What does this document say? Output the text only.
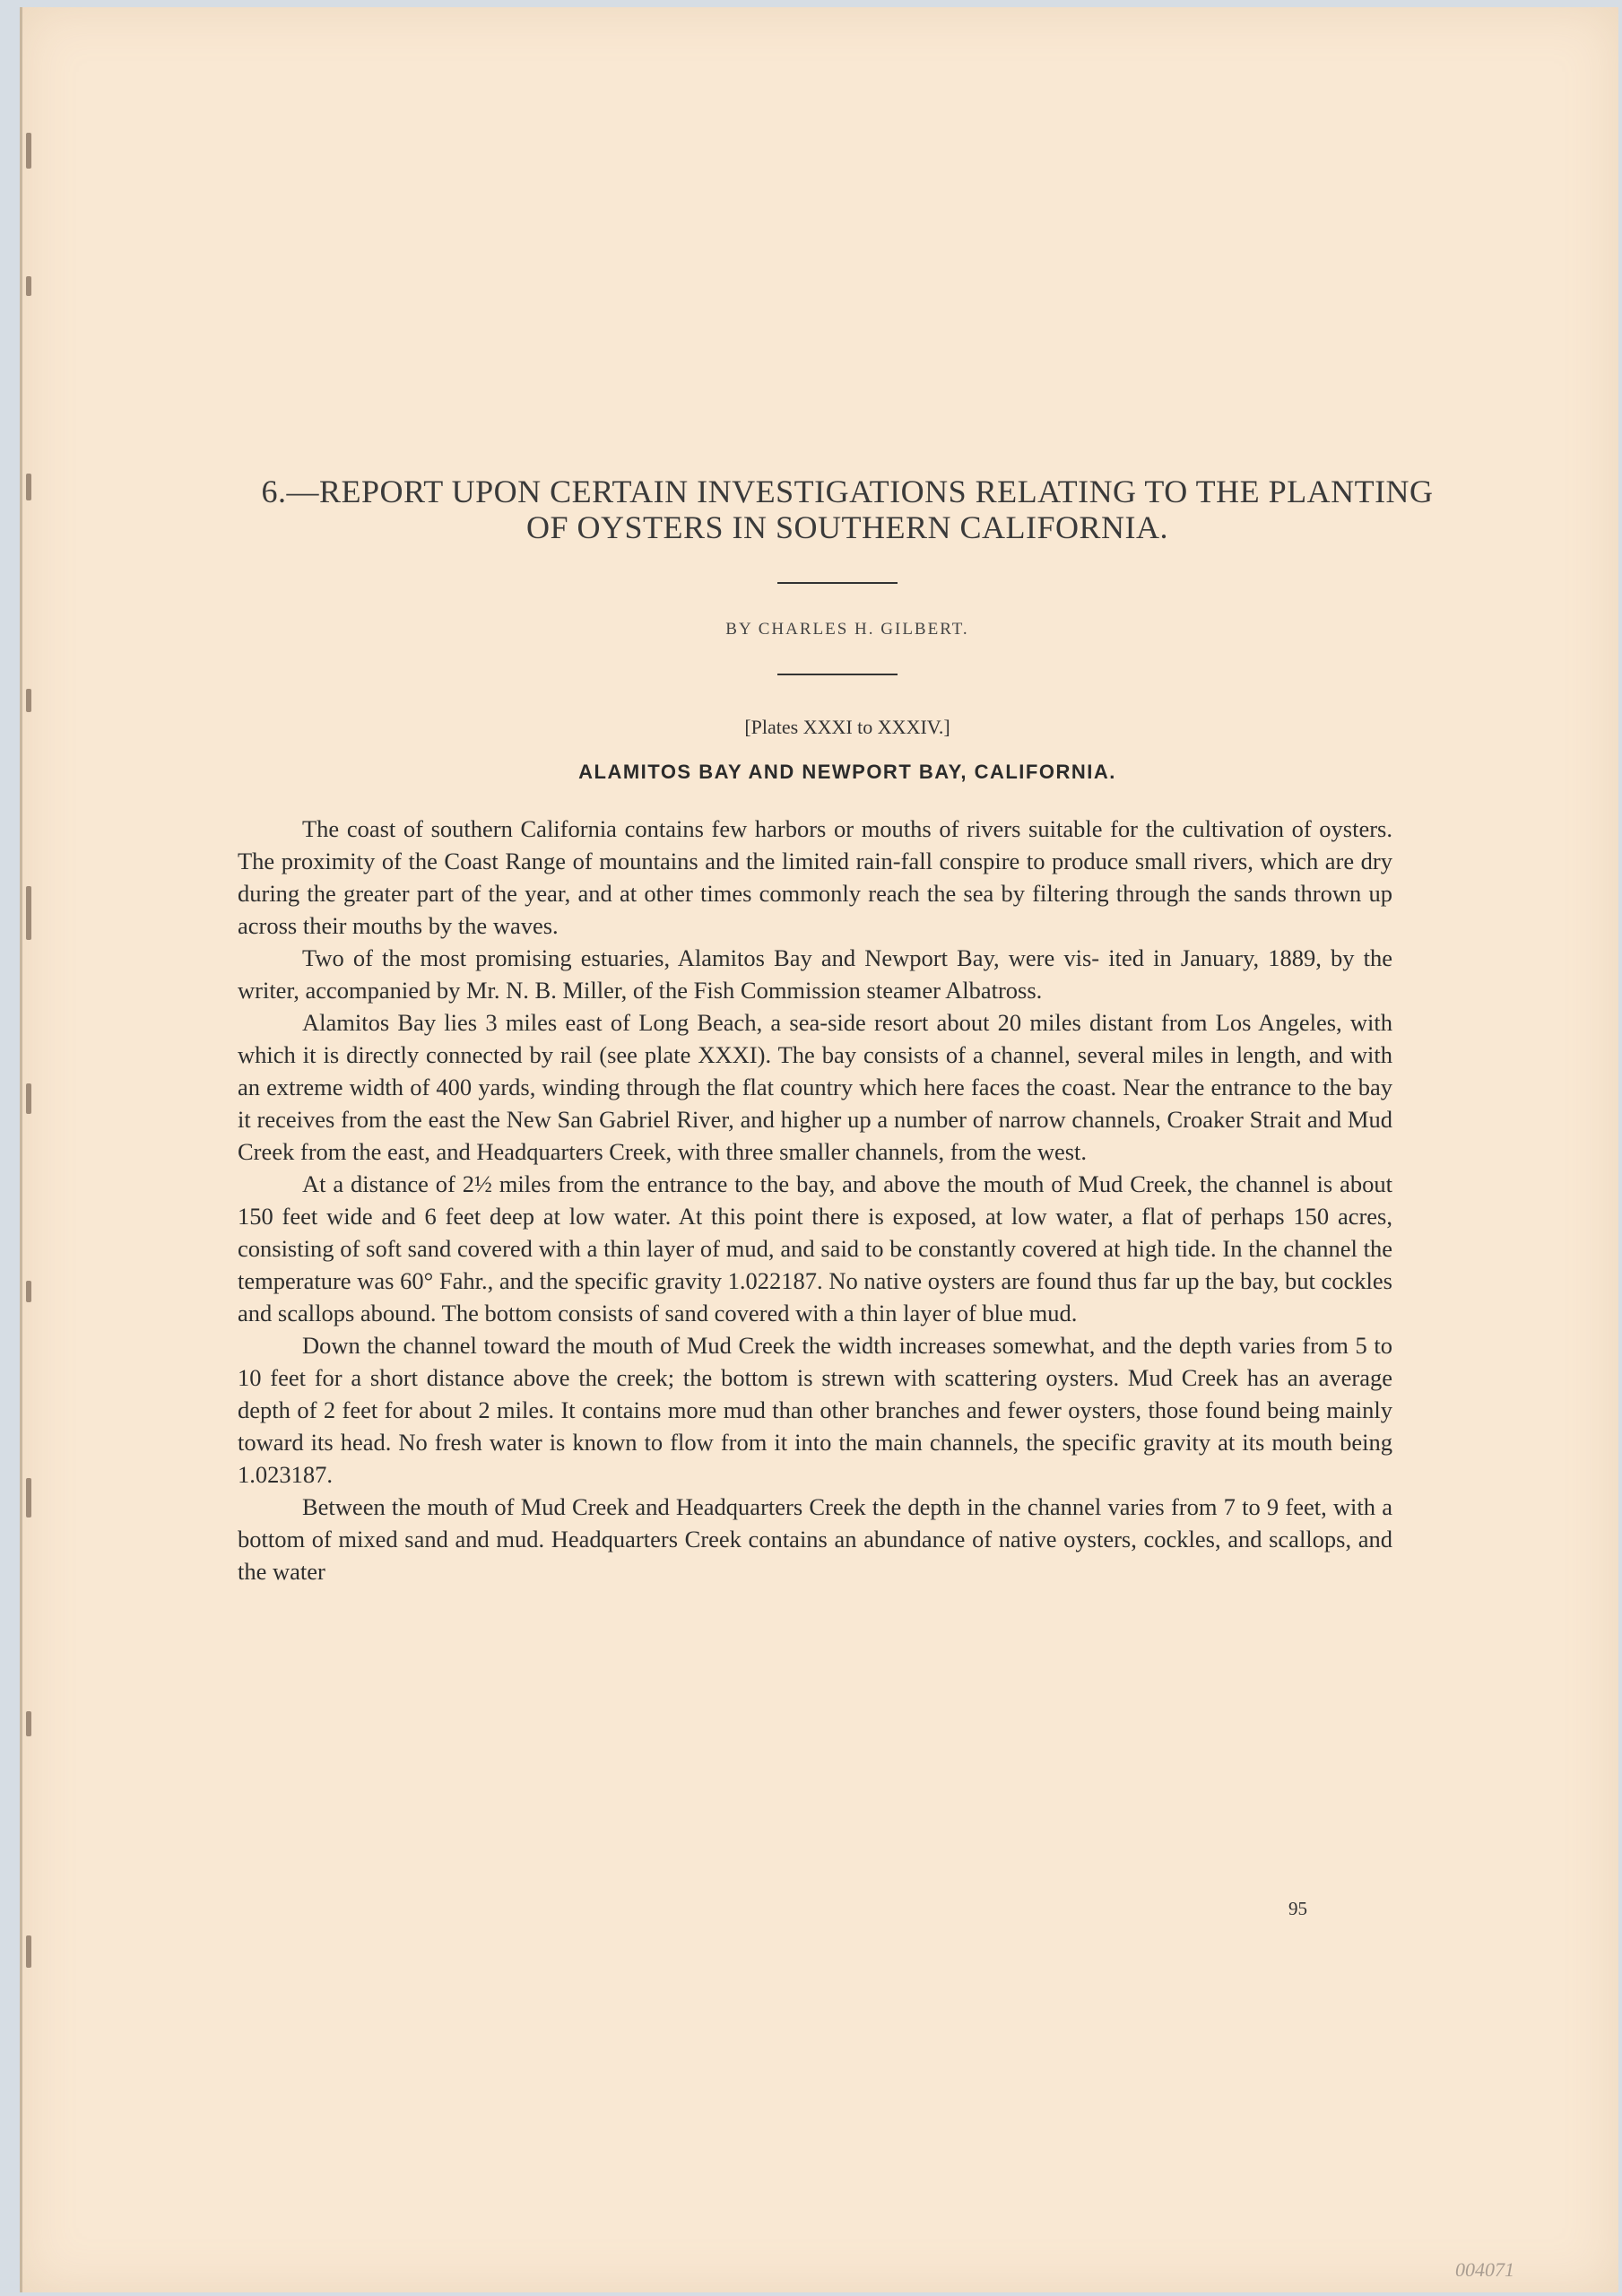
6.—REPORT UPON CERTAIN INVESTIGATIONS RELATING TO THE PLANTING
OF OYSTERS IN SOUTHERN CALIFORNIA.
BY CHARLES H. GILBERT.
[Plates XXXI to XXXIV.]
ALAMITOS BAY AND NEWPORT BAY, CALIFORNIA.

The coast of southern California contains few harbors or mouths of rivers suitable for the cultivation of oysters. The proximity of the Coast Range of mountains and the limited rain-fall conspire to produce small rivers, which are dry during the greater part of the year, and at other times commonly reach the sea by filtering through the sands thrown up across their mouths by the waves.

Two of the most promising estuaries, Alamitos Bay and Newport Bay, were vis- ited in January, 1889, by the writer, accompanied by Mr. N. B. Miller, of the Fish Commission steamer Albatross.

Alamitos Bay lies 3 miles east of Long Beach, a sea-side resort about 20 miles distant from Los Angeles, with which it is directly connected by rail (see plate XXXI). The bay consists of a channel, several miles in length, and with an extreme width of 400 yards, winding through the flat country which here faces the coast. Near the entrance to the bay it receives from the east the New San Gabriel River, and higher up a number of narrow channels, Croaker Strait and Mud Creek from the east, and Headquarters Creek, with three smaller channels, from the west.

At a distance of 2½ miles from the entrance to the bay, and above the mouth of Mud Creek, the channel is about 150 feet wide and 6 feet deep at low water. At this point there is exposed, at low water, a flat of perhaps 150 acres, consisting of soft sand covered with a thin layer of mud, and said to be constantly covered at high tide. In the channel the temperature was 60° Fahr., and the specific gravity 1.022187. No native oysters are found thus far up the bay, but cockles and scallops abound. The bottom consists of sand covered with a thin layer of blue mud.

Down the channel toward the mouth of Mud Creek the width increases somewhat, and the depth varies from 5 to 10 feet for a short distance above the creek; the bottom is strewn with scattering oysters. Mud Creek has an average depth of 2 feet for about 2 miles. It contains more mud than other branches and fewer oysters, those found being mainly toward its head. No fresh water is known to flow from it into the main channels, the specific gravity at its mouth being 1.023187.

Between the mouth of Mud Creek and Headquarters Creek the depth in the channel varies from 7 to 9 feet, with a bottom of mixed sand and mud. Headquarters Creek contains an abundance of native oysters, cockles, and scallops, and the water

95
004071
